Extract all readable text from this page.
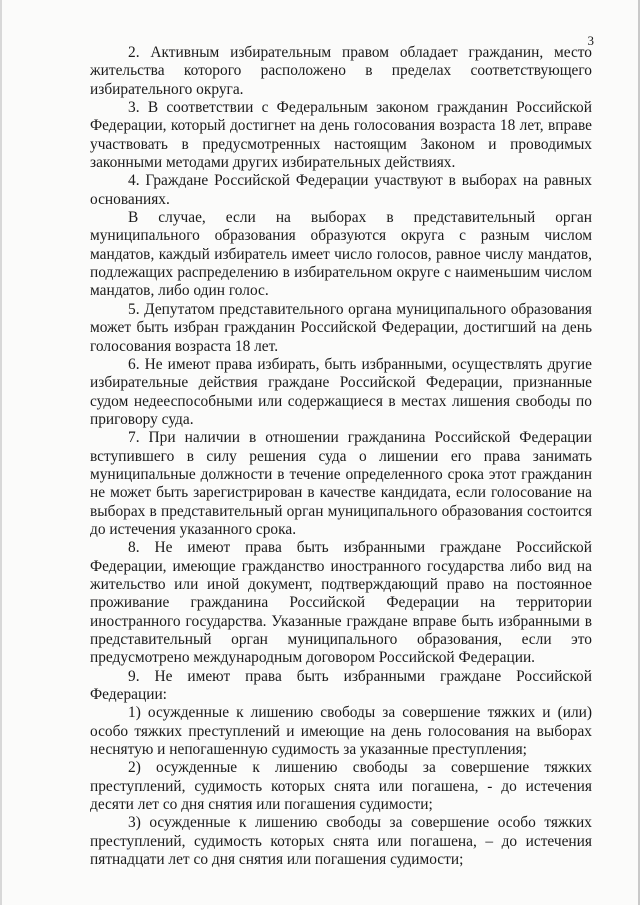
3

2. Активным избирательным правом обладает гражданин, место жительства которого расположено в пределах соответствующего избирательного округа.

3. В соответствии с Федеральным законом гражданин Российской Федерации, который достигнет на день голосования возраста 18 лет, вправе участвовать в предусмотренных настоящим Законом и проводимых законными методами других избирательных действиях.

4. Граждане Российской Федерации участвуют в выборах на равных основаниях.

В случае, если на выборах в представительный орган муниципального образования образуются округа с разным числом мандатов, каждый избиратель имеет число голосов, равное числу мандатов, подлежащих распределению в избирательном округе с наименьшим числом мандатов, либо один голос.

5. Депутатом представительного органа муниципального образования может быть избран гражданин Российской Федерации, достигший на день голосования возраста 18 лет.

6. Не имеют права избирать, быть избранными, осуществлять другие избирательные действия граждане Российской Федерации, признанные судом недееспособными или содержащиеся в местах лишения свободы по приговору суда.

7. При наличии в отношении гражданина Российской Федерации вступившего в силу решения суда о лишении его права занимать муниципальные должности в течение определенного срока этот гражданин не может быть зарегистрирован в качестве кандидата, если голосование на выборах в представительный орган муниципального образования состоится до истечения указанного срока.

8. Не имеют права быть избранными граждане Российской Федерации, имеющие гражданство иностранного государства либо вид на жительство или иной документ, подтверждающий право на постоянное проживание гражданина Российской Федерации на территории иностранного государства. Указанные граждане вправе быть избранными в представительный орган муниципального образования, если это предусмотрено международным договором Российской Федерации.

9. Не имеют права быть избранными граждане Российской Федерации:

1) осужденные к лишению свободы за совершение тяжких и (или) особо тяжких преступлений и имеющие на день голосования на выборах неснятую и непогашенную судимость за указанные преступления;

2) осужденные к лишению свободы за совершение тяжких преступлений, судимость которых снята или погашена, - до истечения десяти лет со дня снятия или погашения судимости;

3) осужденные к лишению свободы за совершение особо тяжких преступлений, судимость которых снята или погашена, – до истечения пятнадцати лет со дня снятия или погашения судимости;
